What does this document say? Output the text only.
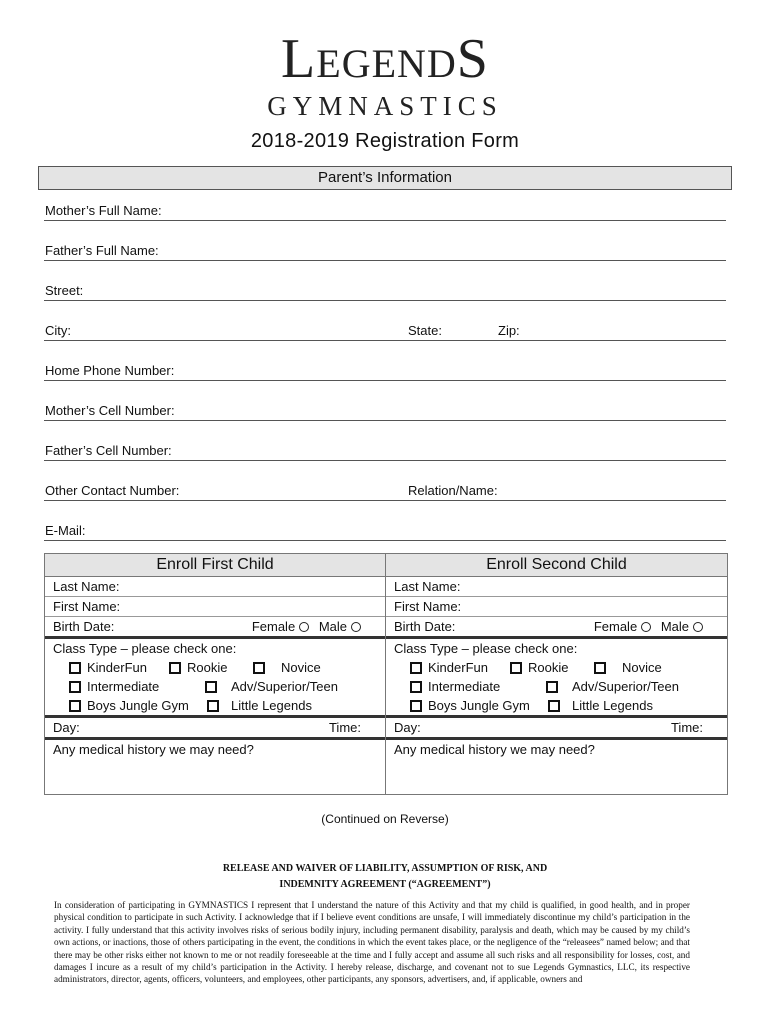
LEGENDS
GYMNASTICS
2018-2019 Registration Form
Parent’s Information
Mother’s Full Name:
Father’s Full Name:
Street:
City:	State:	Zip:
Home Phone Number:
Mother’s Cell Number:
Father’s Cell Number:
Other Contact Number:	Relation/Name:
E-Mail:
Enroll First Child
Last Name:
First Name:
Birth Date:	Female Male
Class Type – please check one:
KinderFun	Rookie	Novice
Intermediate	Adv/Superior/Teen
Boys Jungle Gym	Little Legends
Day:	Time:
Any medical history we may need?
Enroll Second Child
Last Name:
First Name:
Birth Date:	Female Male
Class Type – please check one:
KinderFun	Rookie	Novice
Intermediate	Adv/Superior/Teen
Boys Jungle Gym	Little Legends
Day:	Time:
Any medical history we may need?
(Continued on Reverse)
RELEASE AND WAIVER OF LIABILITY, ASSUMPTION OF RISK, AND
INDEMNITY AGREEMENT (“AGREEMENT”)
In consideration of participating in GYMNASTICS I represent that I understand the nature of this Activity and that my child is qualified, in good health, and in proper physical condition to participate in such Activity. I acknowledge that if I believe event conditions are unsafe, I will immediately discontinue my child’s participation in the activity. I fully understand that this activity involves risks of serious bodily injury, including permanent disability, paralysis and death, which may be caused by my child’s own actions, or inactions, those of others participating in the event, the conditions in which the event takes place, or the negligence of the “releasees” named below; and that there may be other risks either not known to me or not readily foreseeable at the time and I fully accept and assume all such risks and all responsibility for losses, cost, and damages I incure as a result of my child’s participation in the Activity. I hereby release, discharge, and covenant not to sue Legends Gymnastics, LLC, its respective administrators, director, agents, officers, volunteers, and employees, other participants, any sponsors, advertisers, and, if applicable, owners and
